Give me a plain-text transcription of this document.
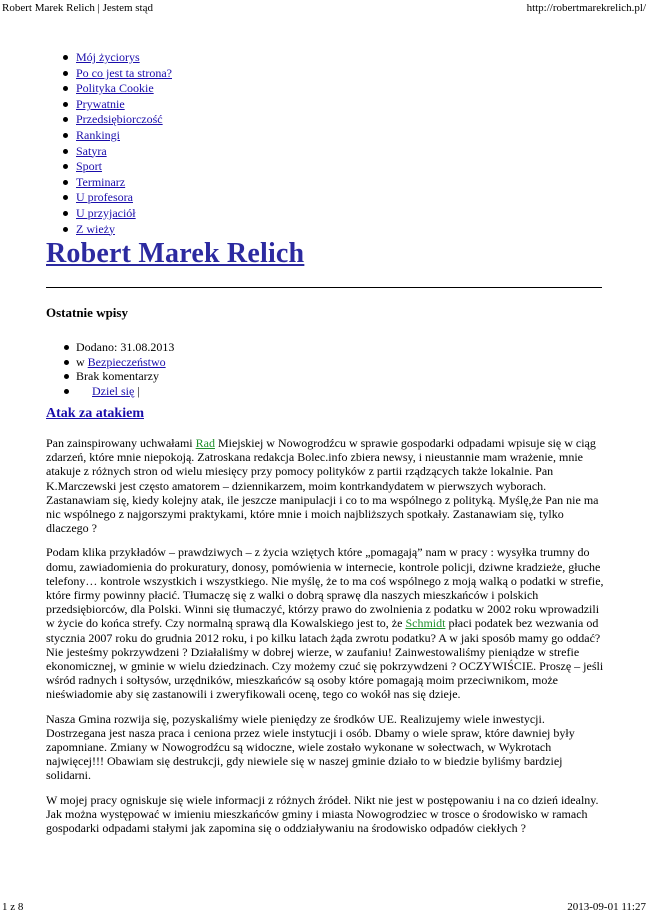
Robert Marek Relich | Jestem stąd	http://robertmarekrelich.pl/
Mój życiorys
Po co jest ta strona?
Polityka Cookie
Prywatnie
Przedsiębiorczość
Rankingi
Satyra
Sport
Terminarz
U profesora
U przyjaciół
Z wieży
Robert Marek Relich
Ostatnie wpisy
Dodano: 31.08.2013
w Bezpieczeństwo
Brak komentarzy
Dziel się |
Atak za atakiem

Pan zainspirowany uchwałami Rad Miejskiej w Nowogrodźcu w sprawie gospodarki odpadami wpisuje się w ciąg zdarzeń, które mnie niepokoją. Zatroskana redakcja Bolec.info zbiera newsy, i nieustannie mam wrażenie, mnie atakuje z różnych stron od wielu miesięcy przy pomocy polityków z partii rządzących także lokalnie. Pan K.Marczewski jest często amatorem – dziennikarzem, moim kontrkandydatem w pierwszych wyborach. Zastanawiam się, kiedy kolejny atak, ile jeszcze manipulacji i co to ma wspólnego z polityką. Myślę,że Pan nie ma nic wspólnego z najgorszymi praktykami, które mnie i moich najbliższych spotkały. Zastanawiam się, tylko dlaczego ?

Podam klika przykładów – prawdziwych – z życia wziętych które „pomagają” nam w pracy : wysyłka trumny do domu, zawiadomienia do prokuratury, donosy, pomówienia w internecie, kontrole policji, dziwne kradzieże, głuche telefony… kontrole wszystkich i wszystkiego. Nie myślę, że to ma coś wspólnego z moją walką o podatki w strefie, które firmy powinny płacić. Tłumaczę się z walki o dobrą sprawę dla naszych mieszkańców i polskich przedsiębiorców, dla Polski. Winni się tłumaczyć, którzy prawo do zwolnienia z podatku w 2002 roku wprowadzili w życie do końca strefy. Czy normalną sprawą dla Kowalskiego jest to, że Schmidt płaci podatek bez wezwania od stycznia 2007 roku do grudnia 2012 roku, i po kilku latach żąda zwrotu podatku? A w jaki sposób mamy go oddać? Nie jesteśmy pokrzywdzeni ? Działaliśmy w dobrej wierze, w zaufaniu! Zainwestowaliśmy pieniądze w strefie ekonomicznej, w gminie w wielu dziedzinach. Czy możemy czuć się pokrzywdzeni ? OCZYWIŚCIE. Proszę – jeśli wśród radnych i sołtysów, urzędników, mieszkańców są osoby które pomagają moim przeciwnikom, może nieświadomie aby się zastanowili i zweryfikowali ocenę, tego co wokół nas się dzieje.

Nasza Gmina rozwija się, pozyskaliśmy wiele pieniędzy ze środków UE. Realizujemy wiele inwestycji. Dostrzegana jest nasza praca i ceniona przez wiele instytucji i osób. Dbamy o wiele spraw, które dawniej były zapomniane. Zmiany w Nowogrodźcu są widoczne, wiele zostało wykonane w sołectwach, w Wykrotach najwięcej!!! Obawiam się destrukcji, gdy niewiele się w naszej gminie działo to w biedzie byliśmy bardziej solidarni.

W mojej pracy ogniskuje się wiele informacji z różnych źródeł. Nikt nie jest w postępowaniu i na co dzień idealny. Jak można występować w imieniu mieszkańców gminy i miasta Nowogrodziec w trosce o środowisko w ramach gospodarki odpadami stałymi jak zapomina się o oddziaływaniu na środowisko odpadów ciekłych ?

1 z 8	2013-09-01 11:27
